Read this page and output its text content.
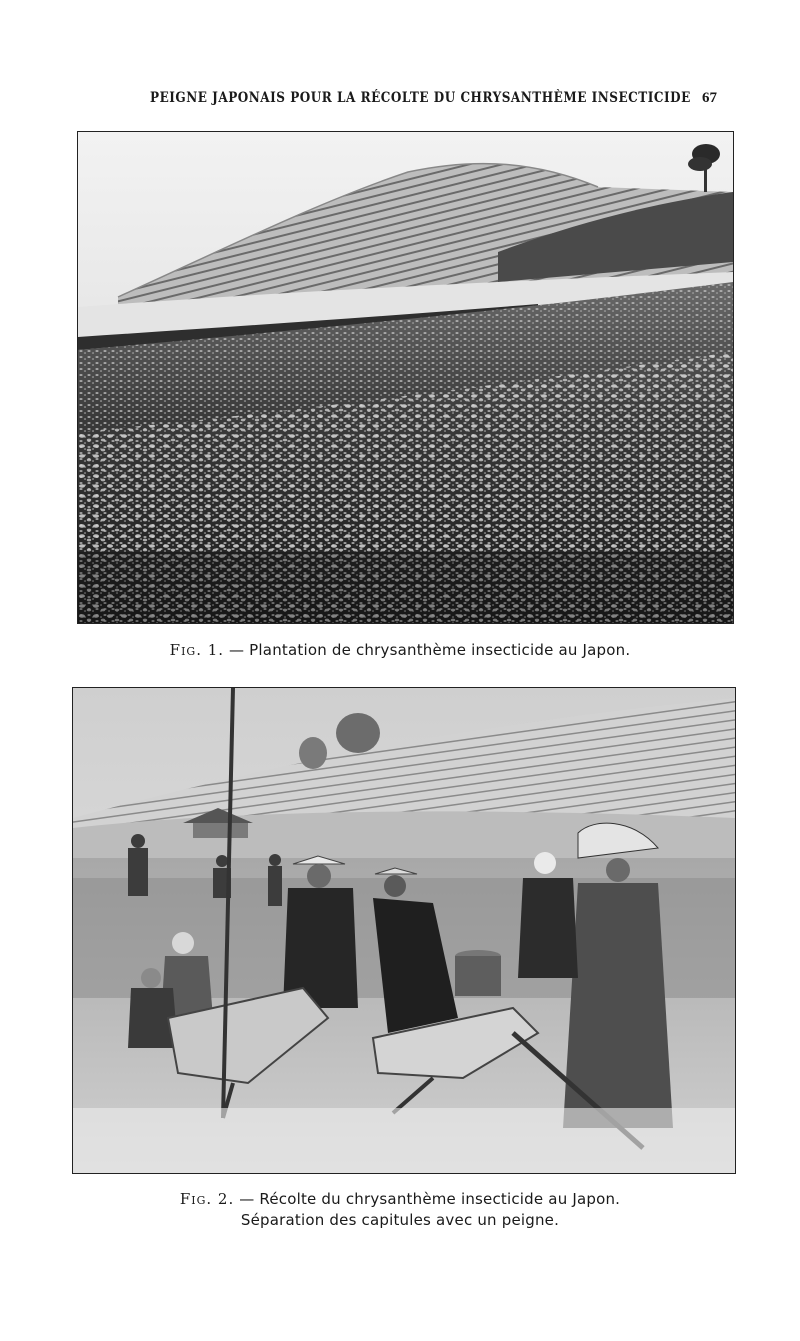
PEIGNE JAPONAIS POUR LA RÉCOLTE DU CHRYSANTHÈME INSECTICIDE 67
Fig. 1. — Plantation de chrysanthème insecticide au Japon.
Fig. 2. — Récolte du chrysanthème insecticide au Japon.
Séparation des capitules avec un peigne.
